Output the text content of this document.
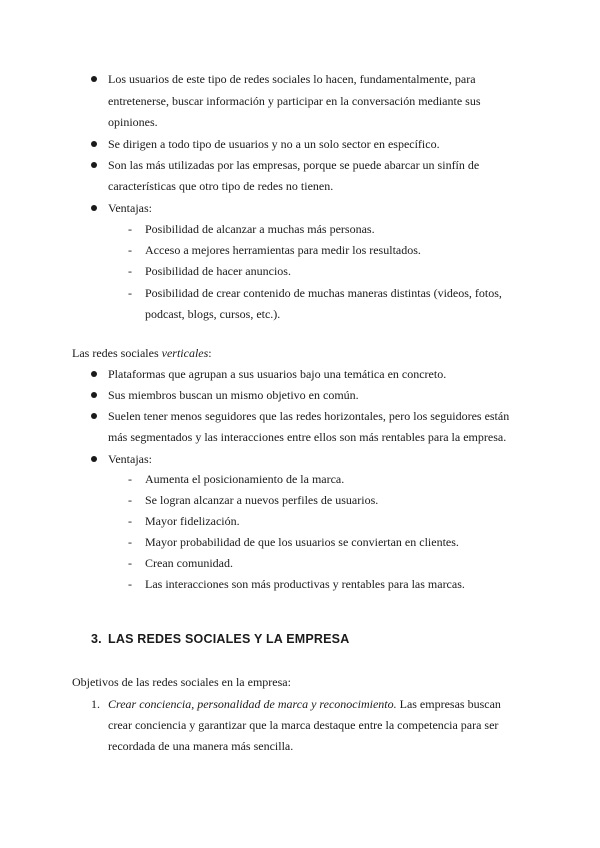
Los usuarios de este tipo de redes sociales lo hacen, fundamentalmente, para
entretenerse, buscar información y participar en la conversación mediante sus
opiniones.
Se dirigen a todo tipo de usuarios y no a un solo sector en específico.
Son las más utilizadas por las empresas, porque se puede abarcar un sinfín de
características que otro tipo de redes no tienen.
Ventajas:
- Posibilidad de alcanzar a muchas más personas.
- Acceso a mejores herramientas para medir los resultados.
- Posibilidad de hacer anuncios.
- Posibilidad de crear contenido de muchas maneras distintas (videos, fotos,
podcast, blogs, cursos, etc.).
Las redes sociales verticales:
Plataformas que agrupan a sus usuarios bajo una temática en concreto.
Sus miembros buscan un mismo objetivo en común.
Suelen tener menos seguidores que las redes horizontales, pero los seguidores están
más segmentados y las interacciones entre ellos son más rentables para la empresa.
Ventajas:
- Aumenta el posicionamiento de la marca.
- Se logran alcanzar a nuevos perfiles de usuarios.
- Mayor fidelización.
- Mayor probabilidad de que los usuarios se conviertan en clientes.
- Crean comunidad.
- Las interacciones son más productivas y rentables para las marcas.
3. LAS REDES SOCIALES Y LA EMPRESA
Objetivos de las redes sociales en la empresa:
1. Crear conciencia, personalidad de marca y reconocimiento. Las empresas buscan
crear conciencia y garantizar que la marca destaque entre la competencia para ser
recordada de una manera más sencilla.
